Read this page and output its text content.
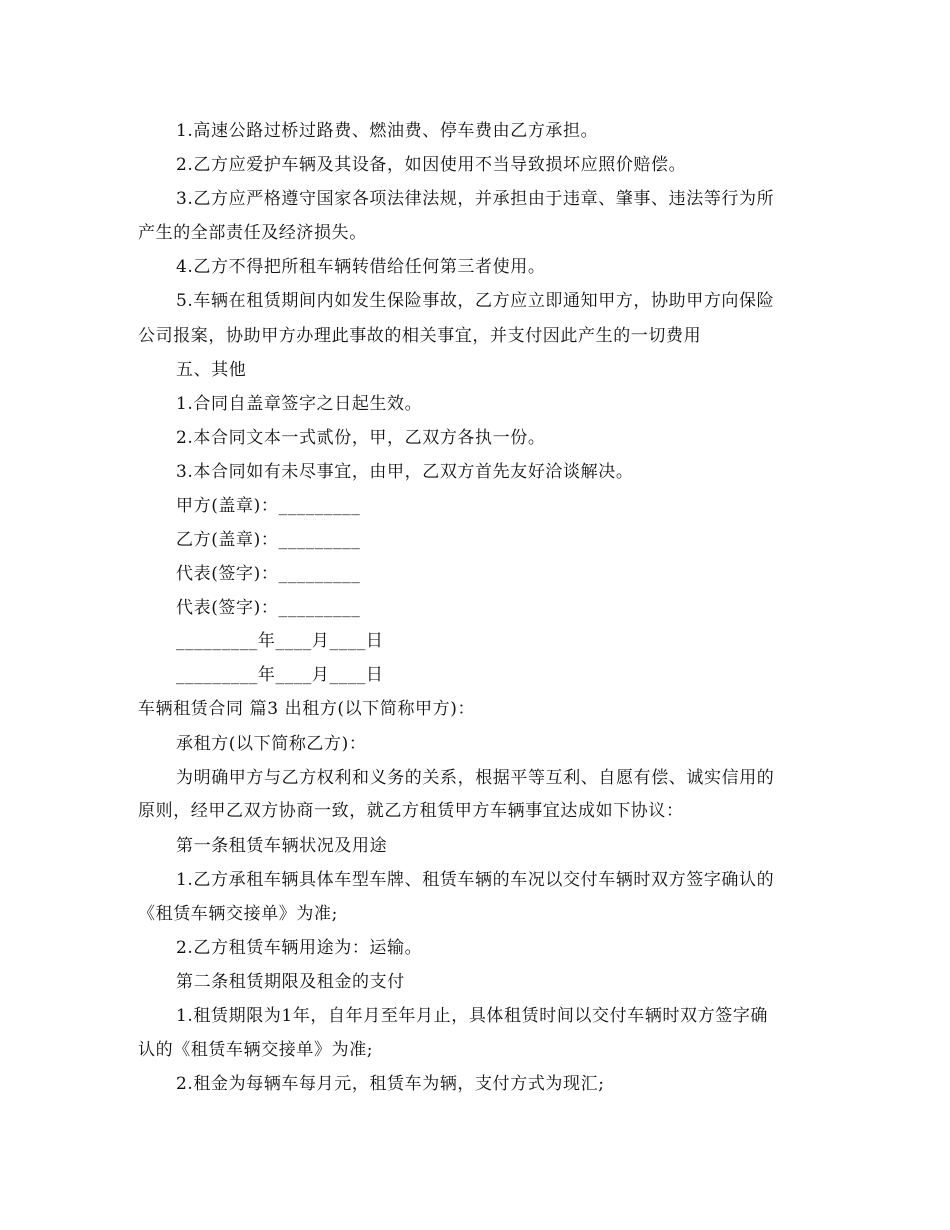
1.高速公路过桥过路费、燃油费、停车费由乙方承担。
2.乙方应爱护车辆及其设备，如因使用不当导致损坏应照价赔偿。
3.乙方应严格遵守国家各项法律法规，并承担由于违章、肇事、违法等行为所
产生的全部责任及经济损失。
4.乙方不得把所租车辆转借给任何第三者使用。
5.车辆在租赁期间内如发生保险事故，乙方应立即通知甲方，协助甲方向保险
公司报案，协助甲方办理此事故的相关事宜，并支付因此产生的一切费用
五、其他
1.合同自盖章签字之日起生效。
2.本合同文本一式贰份，甲，乙双方各执一份。
3.本合同如有未尽事宜，由甲，乙双方首先友好洽谈解决。
甲方(盖章)：_________
乙方(盖章)：_________
代表(签字)：_________
代表(签字)：_________
_________年____月____日
_________年____月____日
车辆租赁合同 篇3 出租方(以下简称甲方)：
承租方(以下简称乙方)：
为明确甲方与乙方权利和义务的关系，根据平等互利、自愿有偿、诚实信用的
原则，经甲乙双方协商一致，就乙方租赁甲方车辆事宜达成如下协议：
第一条租赁车辆状况及用途
1.乙方承租车辆具体车型车牌、租赁车辆的车况以交付车辆时双方签字确认的
《租赁车辆交接单》为准;
2.乙方租赁车辆用途为：运输。
第二条租赁期限及租金的支付
1.租赁期限为1年，自年月至年月止，具体租赁时间以交付车辆时双方签字确
认的《租赁车辆交接单》为准;
2.租金为每辆车每月元，租赁车为辆，支付方式为现汇;
